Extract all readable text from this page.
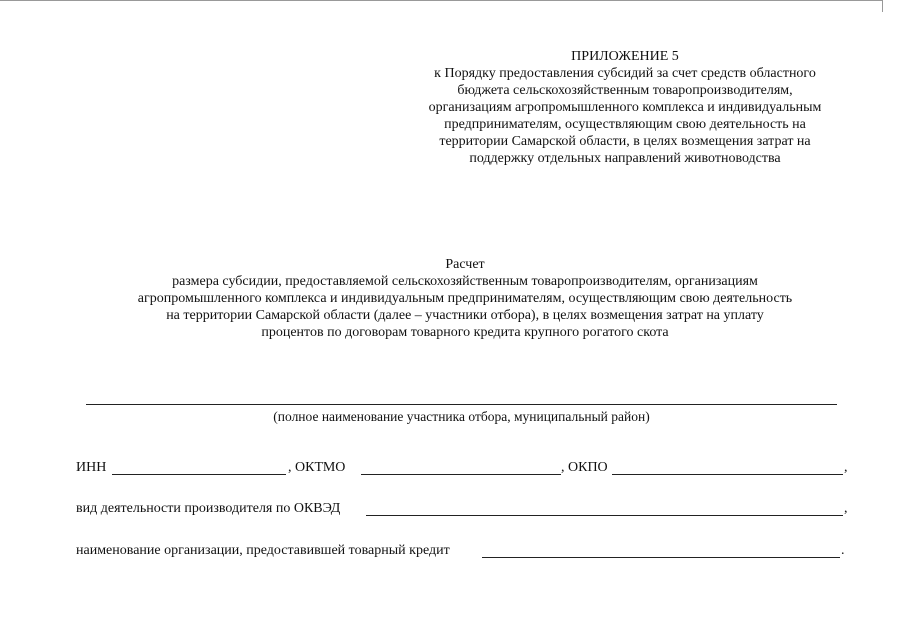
ПРИЛОЖЕНИЕ 5
к Порядку предоставления субсидий за счет средств областного
бюджета сельскохозяйственным товаропроизводителям,
организациям агропромышленного комплекса и индивидуальным
предпринимателям, осуществляющим свою деятельность на
территории Самарской области, в целях возмещения затрат на
поддержку отдельных направлений животноводства
Расчет
размера субсидии, предоставляемой сельскохозяйственным товаропроизводителям, организациям
агропромышленного комплекса и индивидуальным предпринимателям, осуществляющим свою деятельность
на территории Самарской области (далее – участники отбора), в целях возмещения затрат на уплату
процентов по договорам товарного кредита крупного рогатого скота
(полное наименование участника отбора, муниципальный район)
ИНН	, ОКТМО	, ОКПО	,
вид деятельности производителя по ОКВЭД	,
наименование организации, предоставившей товарный кредит	.
